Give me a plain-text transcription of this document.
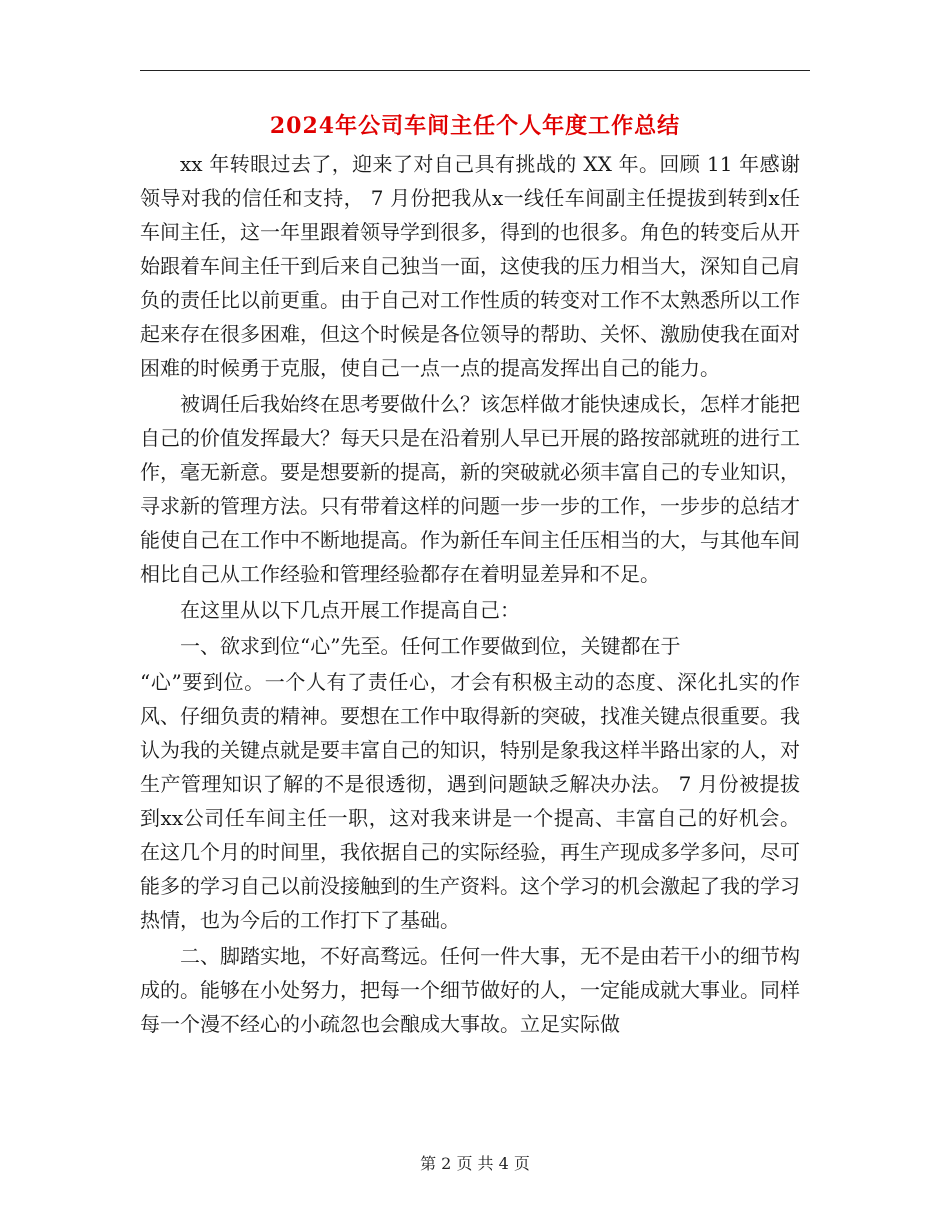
2024年公司车间主任个人年度工作总结

xx 年转眼过去了，迎来了对自己具有挑战的 XX 年。回顾 11 年感谢领导对我的信任和支持， 7 月份把我从x一线任车间副主任提拔到转到x任车间主任，这一年里跟着领导学到很多，得到的也很多。角色的转变后从开始跟着车间主任干到后来自己独当一面，这使我的压力相当大，深知自己肩负的责任比以前更重。由于自己对工作性质的转变对工作不太熟悉所以工作起来存在很多困难，但这个时候是各位领导的帮助、关怀、激励使我在面对困难的时候勇于克服，使自己一点一点的提高发挥出自己的能力。

被调任后我始终在思考要做什么？该怎样做才能快速成长，怎样才能把自己的价值发挥最大？每天只是在沿着别人早已开展的路按部就班的进行工作，毫无新意。要是想要新的提高，新的突破就必须丰富自己的专业知识，寻求新的管理方法。只有带着这样的问题一步一步的工作，一步步的总结才能使自己在工作中不断地提高。作为新任车间主任压相当的大，与其他车间相比自己从工作经验和管理经验都存在着明显差异和不足。

在这里从以下几点开展工作提高自己：

一、欲求到位“心”先至。任何工作要做到位，关键都在于

“心”要到位。一个人有了责任心，才会有积极主动的态度、深化扎实的作风、仔细负责的精神。要想在工作中取得新的突破，找准关键点很重要。我认为我的关键点就是要丰富自己的知识，特别是象我这样半路出家的人，对生产管理知识了解的不是很透彻，遇到问题缺乏解决办法。 7 月份被提拔到xx公司任车间主任一职，这对我来讲是一个提高、丰富自己的好机会。在这几个月的时间里，我依据自己的实际经验，再生产现成多学多问，尽可能多的学习自己以前没接触到的生产资料。这个学习的机会激起了我的学习热情，也为今后的工作打下了基础。

二、脚踏实地，不好高骛远。任何一件大事，无不是由若干小的细节构成的。能够在小处努力，把每一个细节做好的人，一定能成就大事业。同样每一个漫不经心的小疏忽也会酿成大事故。立足实际做

第 2 页 共 4 页
